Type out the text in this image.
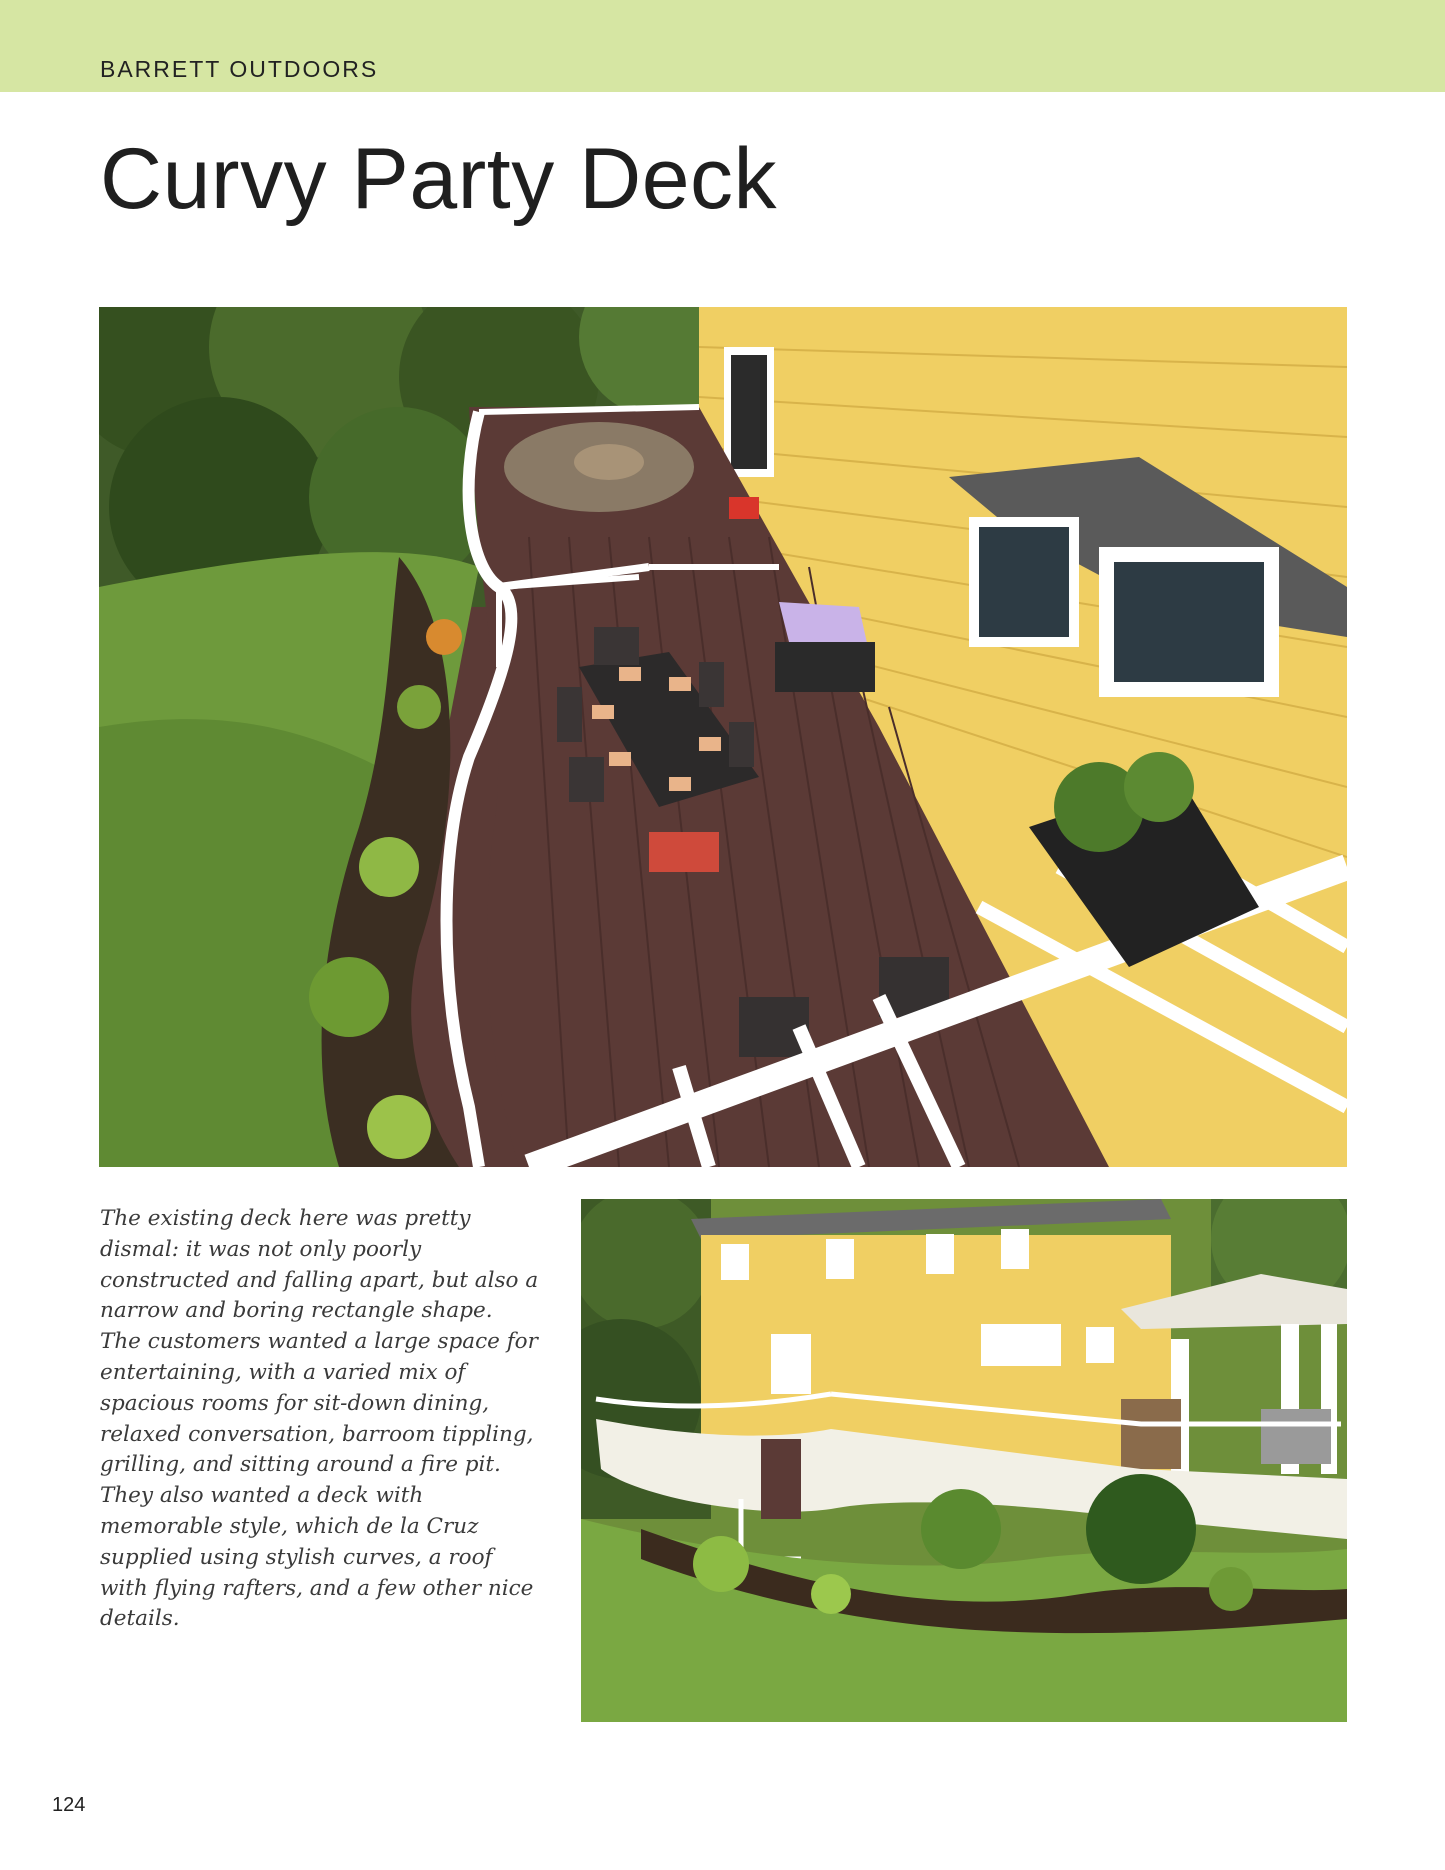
BARRETT OUTDOORS
Curvy Party Deck

The existing deck here was pretty dismal: it was not only poorly constructed and falling apart, but also a narrow and boring rectangle shape. The customers wanted a large space for entertaining, with a varied mix of spacious rooms for sit-down dining, relaxed conversation, barroom tippling, grilling, and sitting around a fire pit. They also wanted a deck with memorable style, which de la Cruz supplied using stylish curves, a roof with flying rafters, and a few other nice details.

124
